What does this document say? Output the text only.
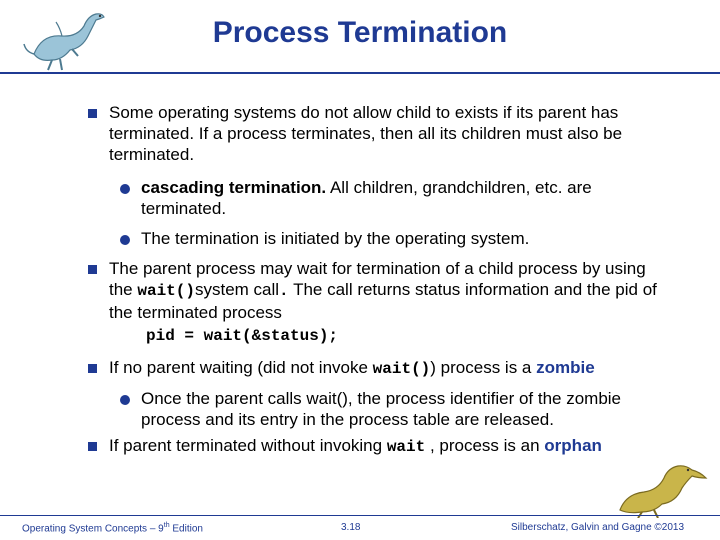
Process Termination
Some operating systems do not allow child to exists if its parent has terminated. If a process terminates, then all its children must also be terminated.
cascading termination. All children, grandchildren, etc. are terminated.
The termination is initiated by the operating system.
The parent process may wait for termination of a child process by using the wait()system call. The call returns status information and the pid of the terminated process
pid = wait(&status);
If no parent waiting (did not invoke wait()) process is a zombie
Once the parent calls wait(), the process identifier of the zombie process and its entry in the process table are released.
If parent terminated without invoking wait , process is an orphan
Operating System Concepts – 9th Edition	3.18	Silberschatz, Galvin and Gagne ©2013
